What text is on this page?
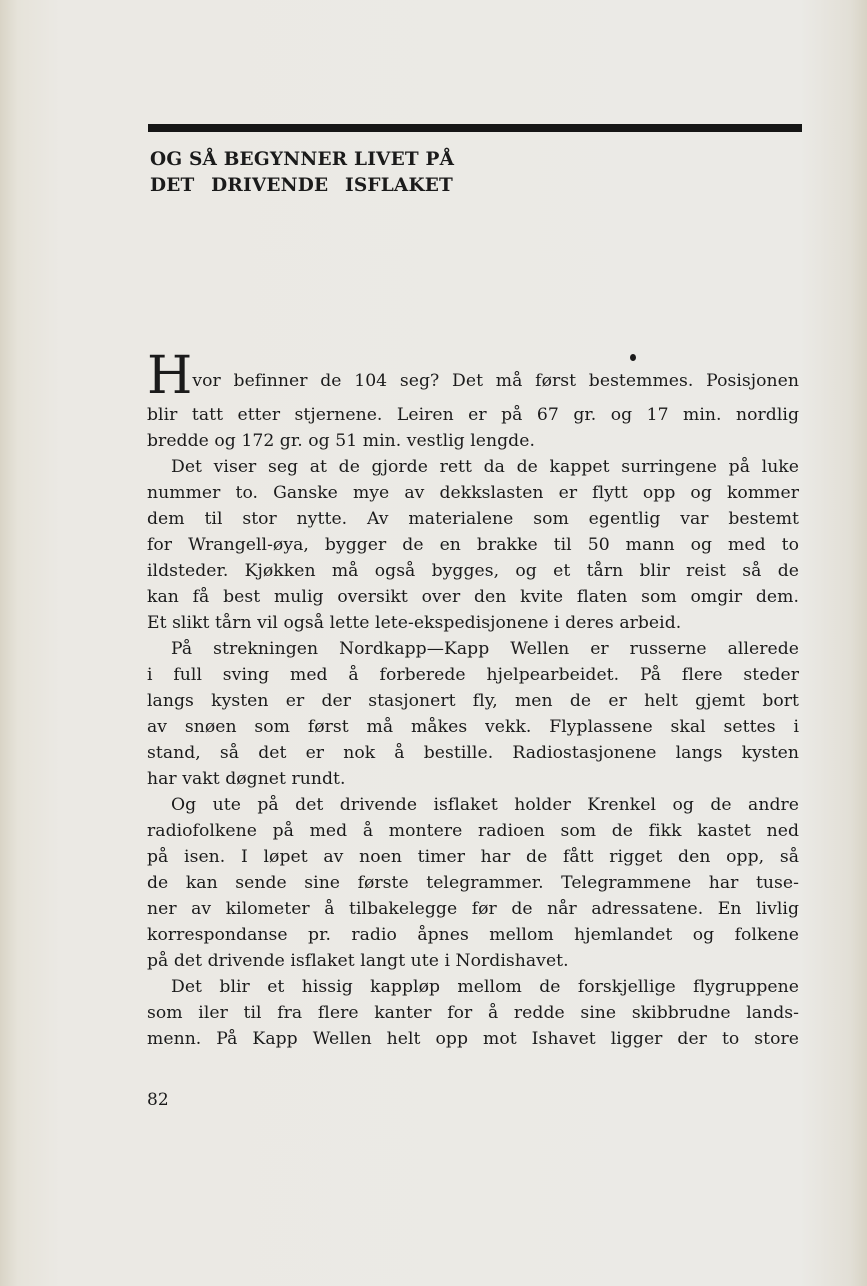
OG SÅ BEGYNNER LIVET PÅ
DET DRIVENDE ISFLAKET
Hvor befinner de 104 seg? Det må først bestemmes. Posisjonen
blir tatt etter stjernene. Leiren er på 67 gr. og 17 min. nordlig
bredde og 172 gr. og 51 min. vestlig lengde.
Det viser seg at de gjorde rett da de kappet surringene på luke
nummer to. Ganske mye av dekkslasten er flytt opp og kommer
dem til stor nytte. Av materialene som egentlig var bestemt
for Wrangell-øya, bygger de en brakke til 50 mann og med to
ildsteder. Kjøkken må også bygges, og et tårn blir reist så de
kan få best mulig oversikt over den kvite flaten som omgir dem.
Et slikt tårn vil også lette lete-ekspedisjonene i deres arbeid.
På strekningen Nordkapp—Kapp Wellen er russerne allerede
i full sving med å forberede hjelpearbeidet. På flere steder
langs kysten er der stasjonert fly, men de er helt gjemt bort
av snøen som først må måkes vekk. Flyplassene skal settes i
stand, så det er nok å bestille. Radiostasjonene langs kysten
har vakt døgnet rundt.
Og ute på det drivende isflaket holder Krenkel og de andre
radiofolkene på med å montere radioen som de fikk kastet ned
på isen. I løpet av noen timer har de fått rigget den opp, så
de kan sende sine første telegrammer. Telegrammene har tuse-
ner av kilometer å tilbakelegge før de når adressatene. En livlig
korrespondanse pr. radio åpnes mellom hjemlandet og folkene
på det drivende isflaket langt ute i Nordishavet.
Det blir et hissig kappløp mellom de forskjellige flygruppene
som iler til fra flere kanter for å redde sine skibbrudne lands-
menn. På Kapp Wellen helt opp mot Ishavet ligger der to store
82
